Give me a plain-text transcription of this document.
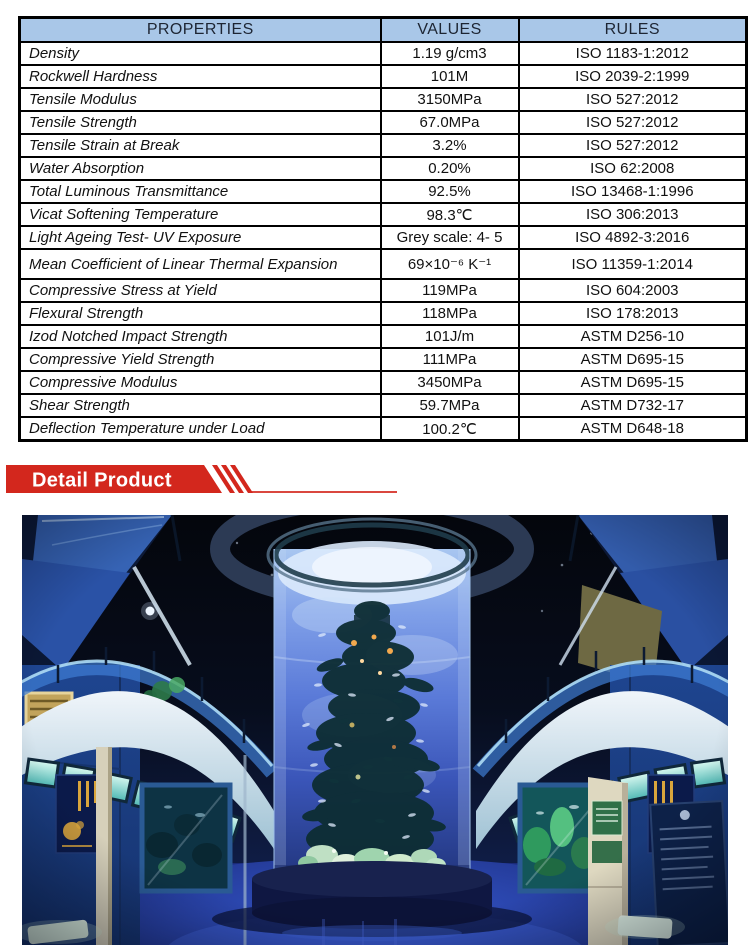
PROPERTIES	VALUES	RULES
Density	1.19 g/cm3	ISO 1183-1:2012
Rockwell Hardness	101M	ISO 2039-2:1999
Tensile Modulus	3150MPa	ISO 527:2012
Tensile Strength	67.0MPa	ISO 527:2012
Tensile Strain at Break	3.2%	ISO 527:2012
Water Absorption	0.20%	ISO 62:2008
Total Luminous Transmittance	92.5%	ISO 13468-1:1996
Vicat Softening Temperature	98.3℃	ISO 306:2013
Light Ageing Test- UV Exposure	Grey scale: 4- 5	ISO 4892-3:2016
Mean Coefficient of Linear Thermal Expansion	69×10⁻⁶ K⁻¹	ISO 11359-1:2014
Compressive Stress at Yield	119MPa	ISO 604:2003
Flexural Strength	118MPa	ISO 178:2013
Izod Notched Impact Strength	101J/m	ASTM D256-10
Compressive Yield Strength	111MPa	ASTM D695-15
Compressive Modulus	3450MPa	ASTM D695-15
Shear Strength	59.7MPa	ASTM D732-17
Deflection Temperature under Load	100.2℃	ASTM D648-18
Detail Product
